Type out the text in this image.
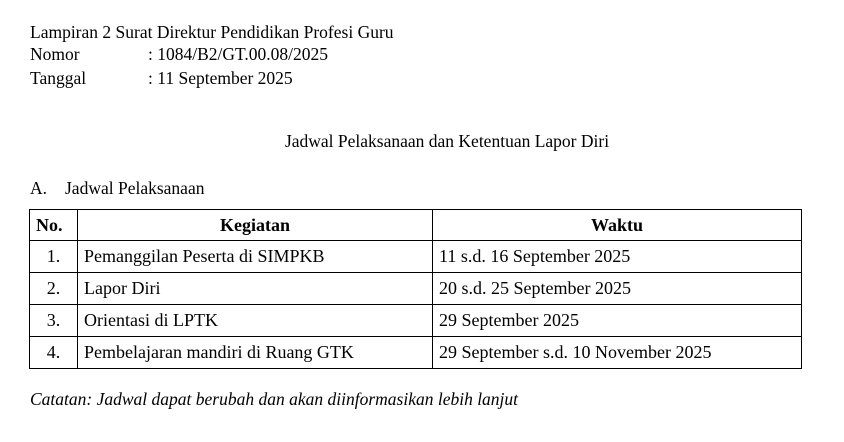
Lampiran 2 Surat Direktur Pendidikan Profesi Guru
Nomor	: 1084/B2/GT.00.08/2025
Tanggal	: 11 September 2025
Jadwal Pelaksanaan dan Ketentuan Lapor Diri
A. Jadwal Pelaksanaan
No.	Kegiatan	Waktu
1.	Pemanggilan Peserta di SIMPKB	11 s.d. 16 September 2025
2.	Lapor Diri	20 s.d. 25 September 2025
3.	Orientasi di LPTK	29 September 2025
4.	Pembelajaran mandiri di Ruang GTK	29 September s.d. 10 November 2025
Catatan: Jadwal dapat berubah dan akan diinformasikan lebih lanjut
